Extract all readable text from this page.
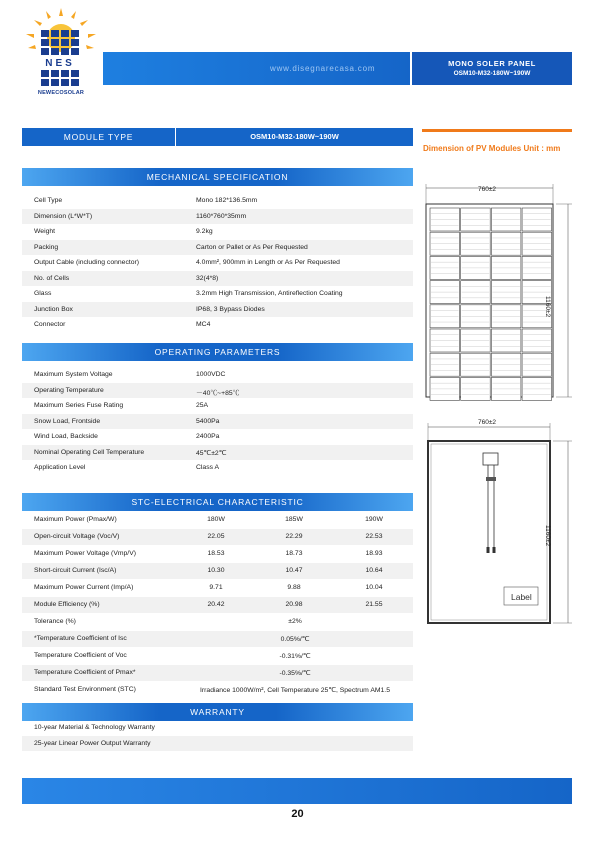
NES
NEWECOSOLAR
www.disegnarecasa.com
MONO SOLER PANEL
OSM10-M32-180W~190W
MODULE TYPE	OSM10-M32-180W~190W
Dimension of PV Modules Unit : mm
MECHANICAL SPECIFICATION
Cell Type	Mono 182*136.5mm
Dimension (L*W*T)	1160*760*35mm
Weight	9.2kg
Packing	Carton or Pallet or As Per Requested
Output Cable (including connector)	4.0mm², 900mm in Length or As Per Requested
No. of Cells	32(4*8)
Glass	3.2mm High Transmission, Antireflection Coating
Junction Box	IP68, 3 Bypass Diodes
Connector	MC4
OPERATING PARAMETERS
Maximum System Voltage	1000VDC
Operating Temperature	－40℃~+85℃
Maximum Series Fuse Rating	25A
Snow Load, Frontside	5400Pa
Wind Load, Backside	2400Pa
Nominal Operating Cell Temperature	45℃±2℃
Application Level	Class A
STC-ELECTRICAL CHARACTERISTIC
Maximum Power (Pmax/W)	180W	185W	190W
Open-circuit Voltage (Voc/V)	22.05	22.29	22.53
Maximum Power Voltage (Vmp/V)	18.53	18.73	18.93
Short-circuit Current (Isc/A)	10.30	10.47	10.64
Maximum Power Current (Imp/A)	9.71	9.88	10.04
Module Efficiency (%)	20.42	20.98	21.55
Tolerance (%)	±2%
*Temperature Coefficient of Isc	0.05%/℃
Temperature Coefficient of Voc	-0.31%/℃
Temperature Coefficient of Pmax*	-0.35%/℃
Standard Test Environment (STC)	Irradiance 1000W/m², Cell Temperature 25℃, Spectrum AM1.5
WARRANTY
10-year Material & Technology Warranty
25-year Linear Power Output Warranty
760±2
1160±2
760±2
1160±2
Label
20
